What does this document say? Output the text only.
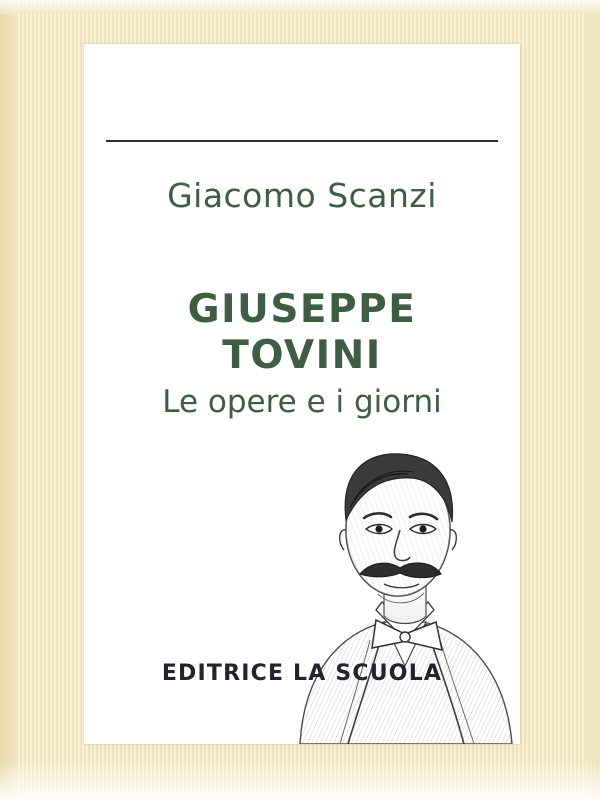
Giacomo Scanzi
GIUSEPPE
TOVINI
Le opere e i giorni
EDITRICE LA SCUOLA
